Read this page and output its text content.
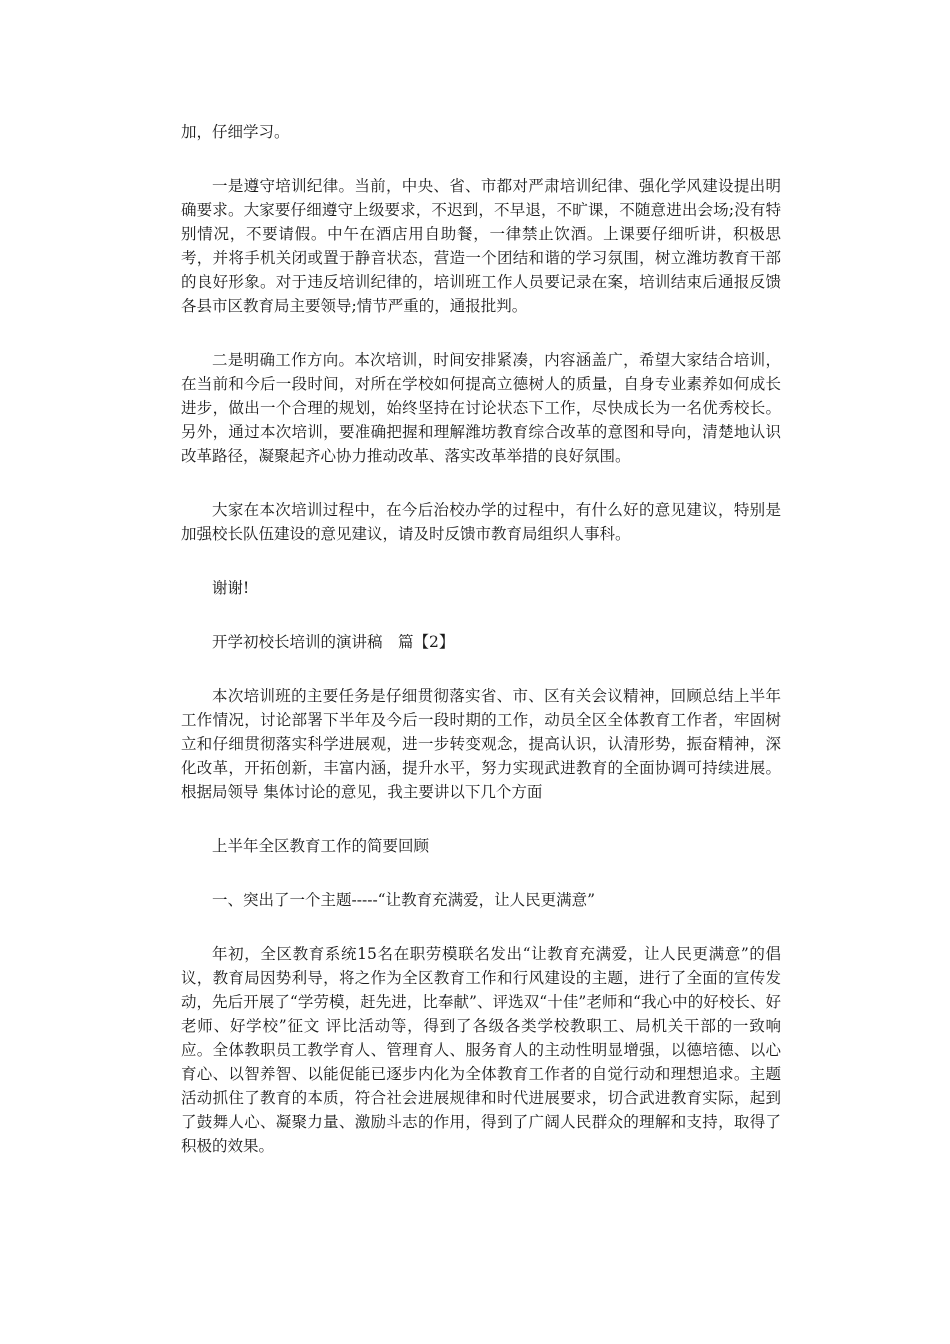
加，仔细学习。

一是遵守培训纪律。当前，中央、省、市都对严肃培训纪律、强化学风建设提出明确要求。大家要仔细遵守上级要求，不迟到，不早退，不旷课，不随意进出会场;没有特别情况，不要请假。中午在酒店用自助餐，一律禁止饮酒。上课要仔细听讲，积极思考，并将手机关闭或置于静音状态，营造一个团结和谐的学习氛围，树立潍坊教育干部的良好形象。对于违反培训纪律的，培训班工作人员要记录在案，培训结束后通报反馈各县市区教育局主要领导;情节严重的，通报批判。

二是明确工作方向。本次培训，时间安排紧凑，内容涵盖广，希望大家结合培训，在当前和今后一段时间，对所在学校如何提高立德树人的质量，自身专业素养如何成长进步，做出一个合理的规划，始终坚持在讨论状态下工作，尽快成长为一名优秀校长。另外，通过本次培训，要准确把握和理解潍坊教育综合改革的意图和导向，清楚地认识改革路径，凝聚起齐心协力推动改革、落实改革举措的良好氛围。

大家在本次培训过程中，在今后治校办学的过程中，有什么好的意见建议，特别是加强校长队伍建设的意见建议，请及时反馈市教育局组织人事科。

谢谢!

开学初校长培训的演讲稿　篇【2】

本次培训班的主要任务是仔细贯彻落实省、市、区有关会议精神，回顾总结上半年工作情况，讨论部署下半年及今后一段时期的工作，动员全区全体教育工作者，牢固树立和仔细贯彻落实科学进展观，进一步转变观念，提高认识，认清形势，振奋精神，深化改革，开拓创新，丰富内涵，提升水平，努力实现武进教育的全面协调可持续进展。根据局领导 集体讨论的意见，我主要讲以下几个方面

上半年全区教育工作的简要回顾

一、突出了一个主题-----“让教育充满爱，让人民更满意”

年初，全区教育系统15名在职劳模联名发出“让教育充满爱，让人民更满意”的倡议，教育局因势利导，将之作为全区教育工作和行风建设的主题，进行了全面的宣传发动，先后开展了“学劳模，赶先进，比奉献”、评选双“十佳”老师和“我心中的好校长、好老师、好学校”征文 评比活动等，得到了各级各类学校教职工、局机关干部的一致响应。全体教职员工教学育人、管理育人、服务育人的主动性明显增强，以德培德、以心育心、以智养智、以能促能已逐步内化为全体教育工作者的自觉行动和理想追求。主题活动抓住了教育的本质，符合社会进展规律和时代进展要求，切合武进教育实际，起到了鼓舞人心、凝聚力量、激励斗志的作用，得到了广阔人民群众的理解和支持，取得了积极的效果。
